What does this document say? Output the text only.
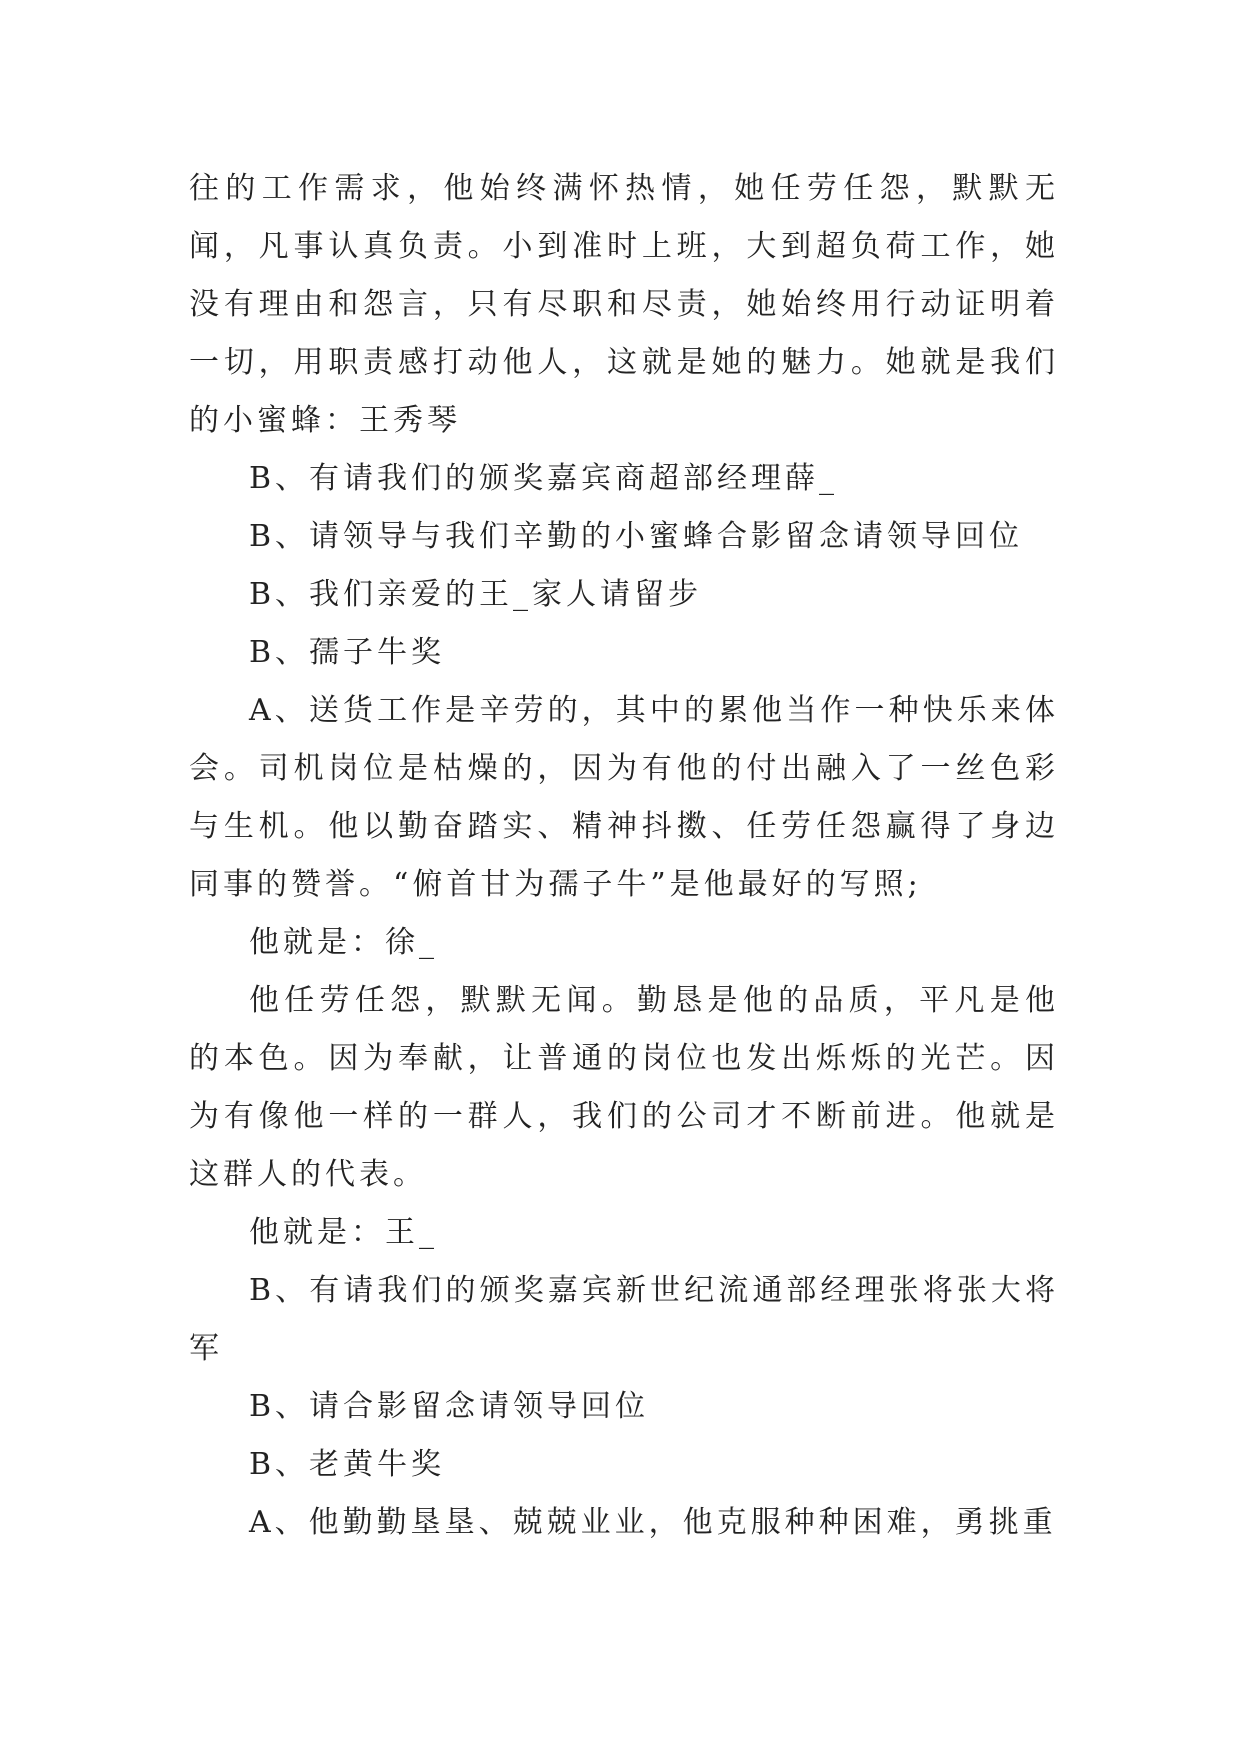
往的工作需求，他始终满怀热情，她任劳任怨，默默无闻，凡事认真负责。小到准时上班，大到超负荷工作，她没有理由和怨言，只有尽职和尽责，她始终用行动证明着一切，用职责感打动他人，这就是她的魅力。她就是我们的小蜜蜂：王秀琴

B、有请我们的颁奖嘉宾商超部经理薛_

B、请领导与我们辛勤的小蜜蜂合影留念请领导回位

B、我们亲爱的王_家人请留步

B、孺子牛奖

A、送货工作是辛劳的，其中的累他当作一种快乐来体会。司机岗位是枯燥的，因为有他的付出融入了一丝色彩与生机。他以勤奋踏实、精神抖擞、任劳任怨赢得了身边同事的赞誉。“俯首甘为孺子牛”是他最好的写照;

他就是：徐_

他任劳任怨，默默无闻。勤恳是他的品质，平凡是他的本色。因为奉献，让普通的岗位也发出烁烁的光芒。因为有像他一样的一群人，我们的公司才不断前进。他就是这群人的代表。

他就是：王_

B、有请我们的颁奖嘉宾新世纪流通部经理张将张大将军

B、请合影留念请领导回位

B、老黄牛奖

A、他勤勤垦垦、兢兢业业，他克服种种困难，勇挑重
